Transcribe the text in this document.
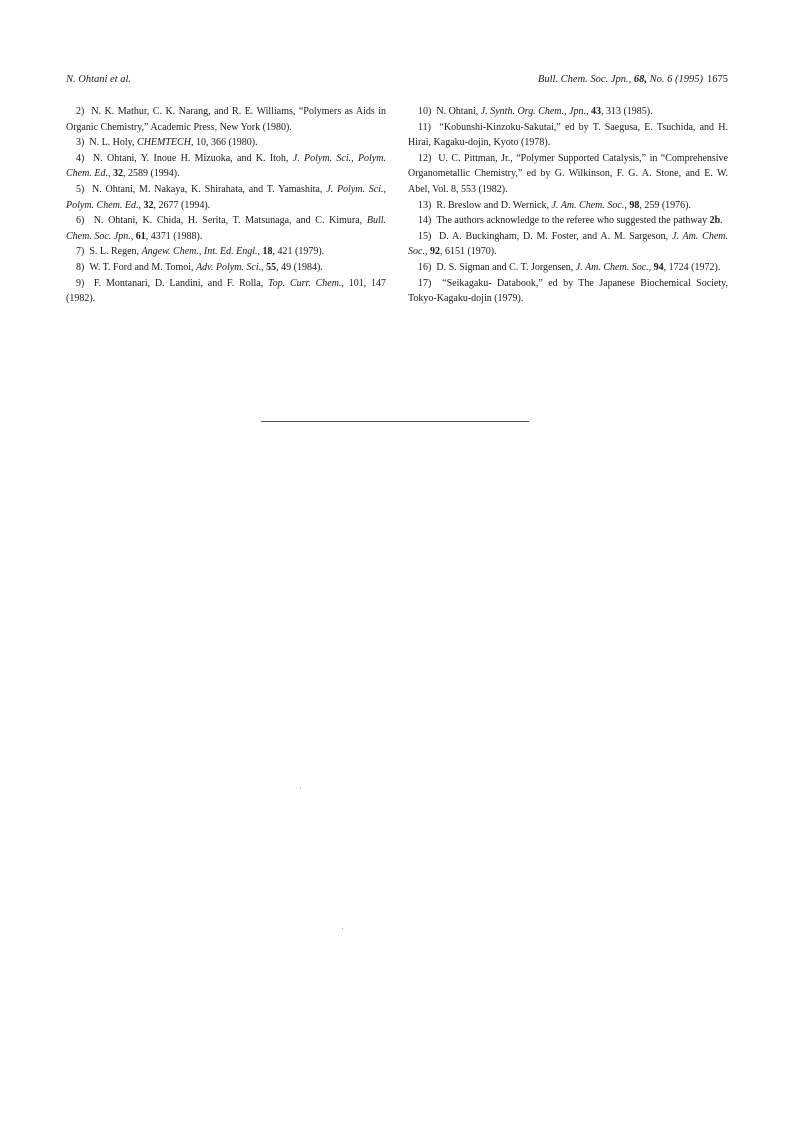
N. Ohtani et al.	Bull. Chem. Soc. Jpn., 68, No. 6 (1995) 1675

2) N. K. Mathur, C. K. Narang, and R. E. Williams, “Polymers as Aids in Organic Chemistry,” Academic Press, New York (1980).

3) N. L. Holy, CHEMTECH, 10, 366 (1980).

4) N. Ohtani, Y. Inoue H. Mizuoka, and K. Itoh, J. Polym. Sci., Polym. Chem. Ed., 32, 2589 (1994).

5) N. Ohtani, M. Nakaya, K. Shirahata, and T. Yamashita, J. Polym. Sci., Polym. Chem. Ed., 32, 2677 (1994).

6) N. Ohtani, K. Chida, H. Serita, T. Matsunaga, and C. Kimura, Bull. Chem. Soc. Jpn., 61, 4371 (1988).

7) S. L. Regen, Angew. Chem., Int. Ed. Engl., 18, 421 (1979).

8) W. T. Ford and M. Tomoi, Adv. Polym. Sci., 55, 49 (1984).

9) F. Montanari, D. Landini, and F. Rolla, Top. Curr. Chem., 101, 147 (1982).

10) N. Ohtani, J. Synth. Org. Chem., Jpn., 43, 313 (1985).

11) “Kobunshi-Kinzoku-Sakutai,” ed by T. Saegusa, E. Tsuchida, and H. Hirai, Kagaku-dojin, Kyoto (1978).

12) U. C. Pittman, Jr., “Polymer Supported Catalysis,” in “Comprehensive Organometallic Chemistry,” ed by G. Wilkinson, F. G. A. Stone, and E. W. Abel, Vol. 8, 553 (1982).

13) R. Breslow and D. Wernick, J. Am. Chem. Soc., 98, 259 (1976).

14) The authors acknowledge to the referee who suggested the pathway 2b.

15) D. A. Buckingham, D. M. Foster, and A. M. Sargeson, J. Am. Chem. Soc., 92, 6151 (1970).

16) D. S. Sigman and C. T. Jorgensen, J. Am. Chem. Soc., 94, 1724 (1972).

17) “Seikagaku- Databook,” ed by The Japanese Biochemical Society, Tokyo-Kagaku-dojin (1979).
